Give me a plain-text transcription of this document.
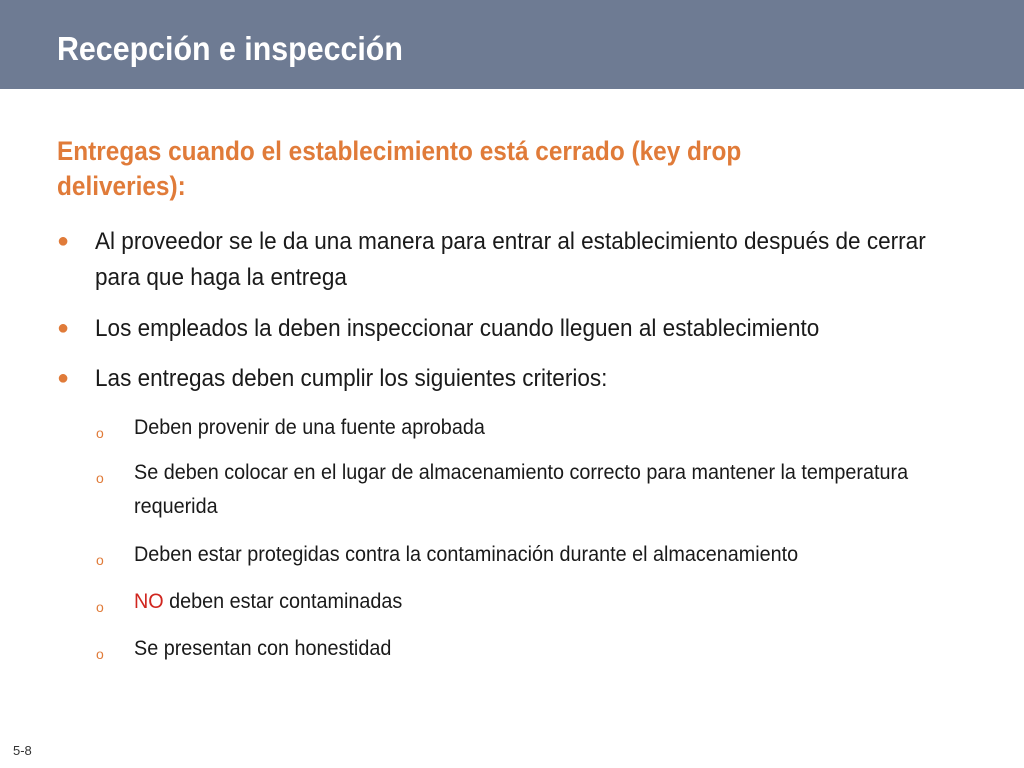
Recepción e inspección
Entregas cuando el establecimiento está cerrado (key drop deliveries):
● Al proveedor se le da una manera para entrar al establecimiento después de cerrar para que haga la entrega
● Los empleados la deben inspeccionar cuando lleguen al establecimiento
● Las entregas deben cumplir los siguientes criterios:
o Deben provenir de una fuente aprobada
o Se deben colocar en el lugar de almacenamiento correcto para mantener la temperatura requerida
o Deben estar protegidas contra la contaminación durante el almacenamiento
o NO deben estar contaminadas
o Se presentan con honestidad
5-8
